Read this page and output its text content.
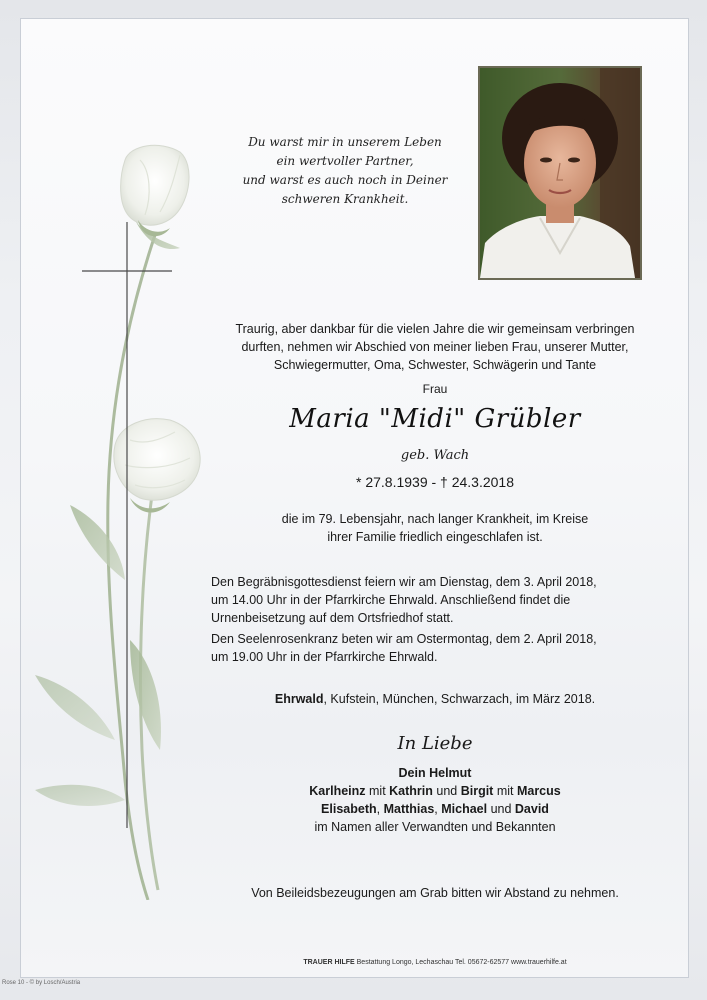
Du warst mir in unserem Leben
ein wertvoller Partner,
und warst es auch noch in Deiner
schweren Krankheit.
Traurig, aber dankbar für die vielen Jahre die wir gemeinsam verbringen
durften, nehmen wir Abschied von meiner lieben Frau, unserer Mutter,
Schwiegermutter, Oma, Schwester, Schwägerin und Tante
Frau
Maria "Midi" Grübler
geb. Wach
* 27.8.1939 - † 24.3.2018
die im 79. Lebensjahr, nach langer Krankheit, im Kreise
ihrer Familie friedlich eingeschlafen ist.
Den Begräbnisgottesdienst feiern wir am Dienstag, dem 3. April 2018,
um 14.00 Uhr in der Pfarrkirche Ehrwald. Anschließend findet die
Urnenbeisetzung auf dem Ortsfriedhof statt.
Den Seelenrosenkranz beten wir am Ostermontag, dem 2. April 2018,
um 19.00 Uhr in der Pfarrkirche Ehrwald.
Ehrwald, Kufstein, München, Schwarzach, im März 2018.
In Liebe
Dein Helmut
Karlheinz mit Kathrin und Birgit mit Marcus
Elisabeth, Matthias, Michael und David
im Namen aller Verwandten und Bekannten
Von Beileidsbezeugungen am Grab bitten wir Abstand zu nehmen.
TRAUER HILFE Bestattung Longo, Lechaschau Tel. 05672-62577 www.trauerhilfe.at
Rose 10 - © by Losch/Austria
